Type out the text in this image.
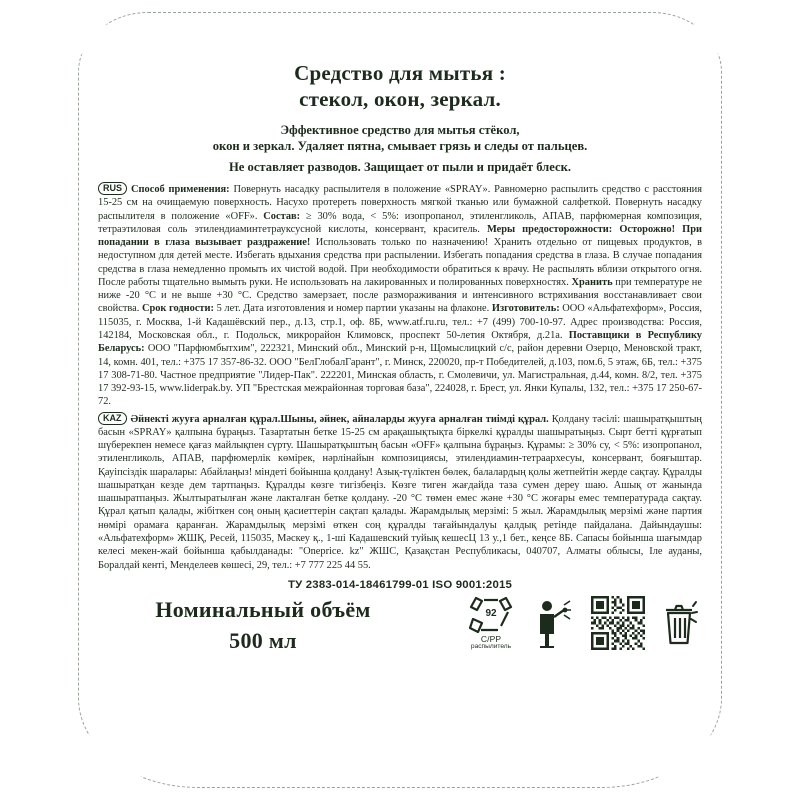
Средство для мытья :
стекол, окон, зеркал.
Эффективное средство для мытья стёкол,
окон и зеркал. Удаляет пятна, смывает грязь и следы от пальцев.
Не оставляет разводов. Защищает от пыли и придаёт блеск.
RUS Способ применения: Повернуть насадку распылителя в положение «SPRAY». Равномерно распылить средство с расстояния 15-25 см на очищаемую поверхность. Насухо протереть поверхность мягкой тканью или бумажной салфеткой. Повернуть насадку распылителя в положение «OFF». Состав: ≥ 30% вода, < 5%: изопропанол, этиленгликоль, АПАВ, парфюмерная композиция, тетраэтиловая соль этилендиаминтетрауксусной кислоты, консервант, краситель. Меры предосторожности: Осторожно! При попадании в глаза вызывает раздражение! Использовать только по назначению! Хранить отдельно от пищевых продуктов, в недоступном для детей месте. Избегать вдыхания средства при распылении. Избегать попадания средства в глаза. В случае попадания средства в глаза немедленно промыть их чистой водой. При необходимости обратиться к врачу. Не распылять вблизи открытого огня. После работы тщательно вымыть руки. Не использовать на лакированных и полированных поверхностях. Хранить при температуре не ниже -20 °С и не выше +30 °С. Средство замерзает, после размораживания и интенсивного встряхивания восстанавливает свои свойства. Срок годности: 5 лет. Дата изготовления и номер партии указаны на флаконе. Изготовитель: ООО «Альфатехформ», Россия, 115035, г. Москва, 1-й Кадашёвский пер., д.13, стр.1, оф. 8Б, www.atf.ru.ru, тел.: +7 (499) 700-10-97. Адрес производства: Россия, 142184, Московская обл., г. Подольск, микрорайон Климовск, проспект 50-летия Октября, д.21а. Поставщики в Республику Беларусь: ООО "Парфюмбытхим", 222321, Минский обл., Минский р-н, Щомыслицкий с/с, район деревни Озерцо, Меновской тракт, 14, комн. 401, тел.: +375 17 357-86-32. ООО "БелГлобалГарант", г. Минск, 220020, пр-т Победителей, д.103, пом.6, 5 этаж, 6Б, тел.: +375 17 308-71-80. Частное предприятие "Лидер-Пак". 222201, Минская область, г. Смолевичи, ул. Магистральная, д.44, комн. 8/2, тел. +375 17 392-93-15, www.liderpak.by. УП "Брестская межрайонная торговая база", 224028, г. Брест, ул. Янки Купалы, 132, тел.: +375 17 250-67-72.
KAZ Әйнекті жууға арналған құрал.Шыны, әйнек, айналарды жууға арналған тиімді құрал. Қолдану тәсілі: шашыратқыштың басын «SPRAY» қалпына бұраңыз. Тазартатын бетке 15-25 см арақашықтықта біркелкі құралды шашыратыңыз. Сырт бетті құрғатып шүберекпен немесе қағаз майлықпен сүрту. Шашыратқыштың басын «OFF» қалпына бұраңыз. Құрамы: ≥ 30% су, < 5%: изопропанол, этиленгликоль, АПАВ, парфюмерлік көмірек, нәрлінайын композициясы, этилендиамин-тетраархесуы, консервант, бояғыштар. Қауіпсіздік шаралары: Абайлаңыз! міндеті бойынша қолдану! Азық-түліктен бөлек, балалардың қолы жетпейтін жерде сақтау. Құралды шашыратқан кезде дем тартпаңыз. Құралды көзге тигізбеңіз. Көзге тиген жағдайда таза сумен дереу шаю. Ашық от жанында шашыратпаңыз. Жылтыратылған және лакталған бетке қолдану. -20 °С төмен емес және +30 °С жоғары емес температурада сақтау. Құрал қатып қалады, жібіткен соң оның қасиеттерін сақтап қалады. Жарамдылық мерзімі: 5 жыл. Жарамдылық мерзімі және партия нөмірі орамаға қаранған. Жарамдылық мерзімі өткен соң құралды тағайындалуы қалдық ретінде пайдалана. Дайындаушы: «Альфатехформ» ЖШҚ, Ресей, 115035, Мәскеу қ., 1-ші Кадашевский туйық кешесЦ 13 у.,1 бет., кеңсе 8Б. Сапасы бойынша шағымдар келесі мекен-жай бойынша қабылданады: "Oneprice. kz" ЖШС, Қазақстан Республикасы, 040707, Алматы облысы, Іле ауданы, Боралдай кенті, Менделеев көшесі, 29, тел.: +7 777 225 44 55.
ТУ 2383-014-18461799-01 ISO 9001:2015
Номинальный объём
500 мл
92
C/PP
распылитель
